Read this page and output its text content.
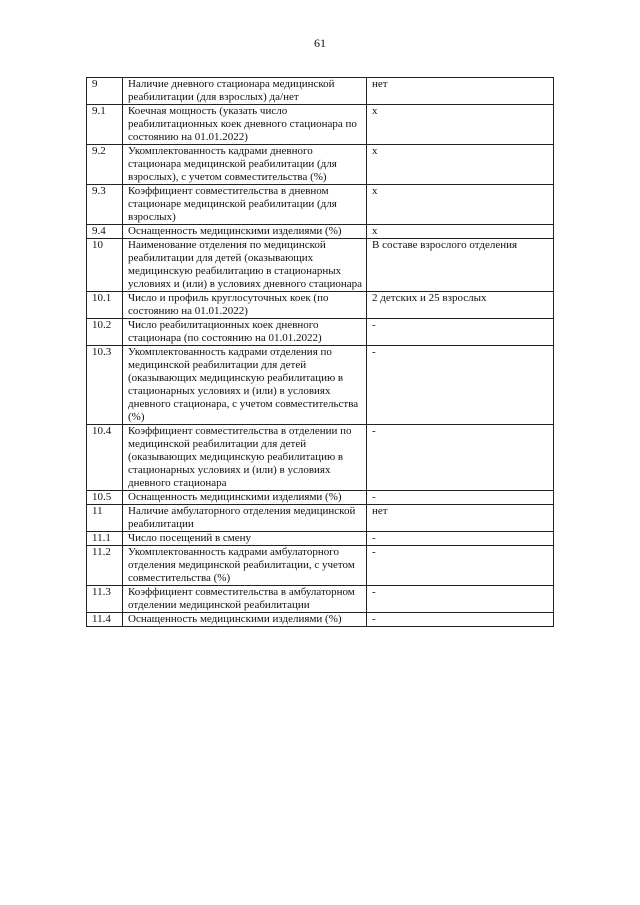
61
9	Наличие дневного стационара медицинской реабилитации (для взрослых) да/нет	нет
9.1	Коечная мощность (указать число реабилитационных коек дневного стационара по состоянию на 01.01.2022)	х
9.2	Укомплектованность кадрами дневного стационара медицинской реабилитации (для взрослых), с учетом совместительства (%)	х
9.3	Коэффициент совместительства в дневном стационаре медицинской реабилитации (для взрослых)	х
9.4	Оснащенность медицинскими изделиями (%)	х
10	Наименование отделения по медицинской реабилитации для детей (оказывающих медицинскую реабилитацию в стационарных условиях и (или) в условиях дневного стационара	В составе взрослого отделения
10.1	Число и профиль круглосуточных коек (по состоянию на 01.01.2022)	2 детских и 25 взрослых
10.2	Число реабилитационных коек дневного стационара (по состоянию на 01.01.2022)	-
10.3	Укомплектованность кадрами отделения по медицинской реабилитации для детей (оказывающих медицинскую реабилитацию в стационарных условиях и (или) в условиях дневного стационара, с учетом совместительства (%)	-
10.4	Коэффициент совместительства в отделении по медицинской реабилитации для детей (оказывающих медицинскую реабилитацию в стационарных условиях и (или) в условиях дневного стационара	-
10.5	Оснащенность медицинскими изделиями (%)	-
11	Наличие амбулаторного отделения медицинской реабилитации	нет
11.1	Число посещений в смену	-
11.2	Укомплектованность кадрами амбулаторного отделения медицинской реабилитации, с учетом совместительства (%)	-
11.3	Коэффициент совместительства в амбулаторном отделении медицинской реабилитации	-
11.4	Оснащенность медицинскими изделиями (%)	-
